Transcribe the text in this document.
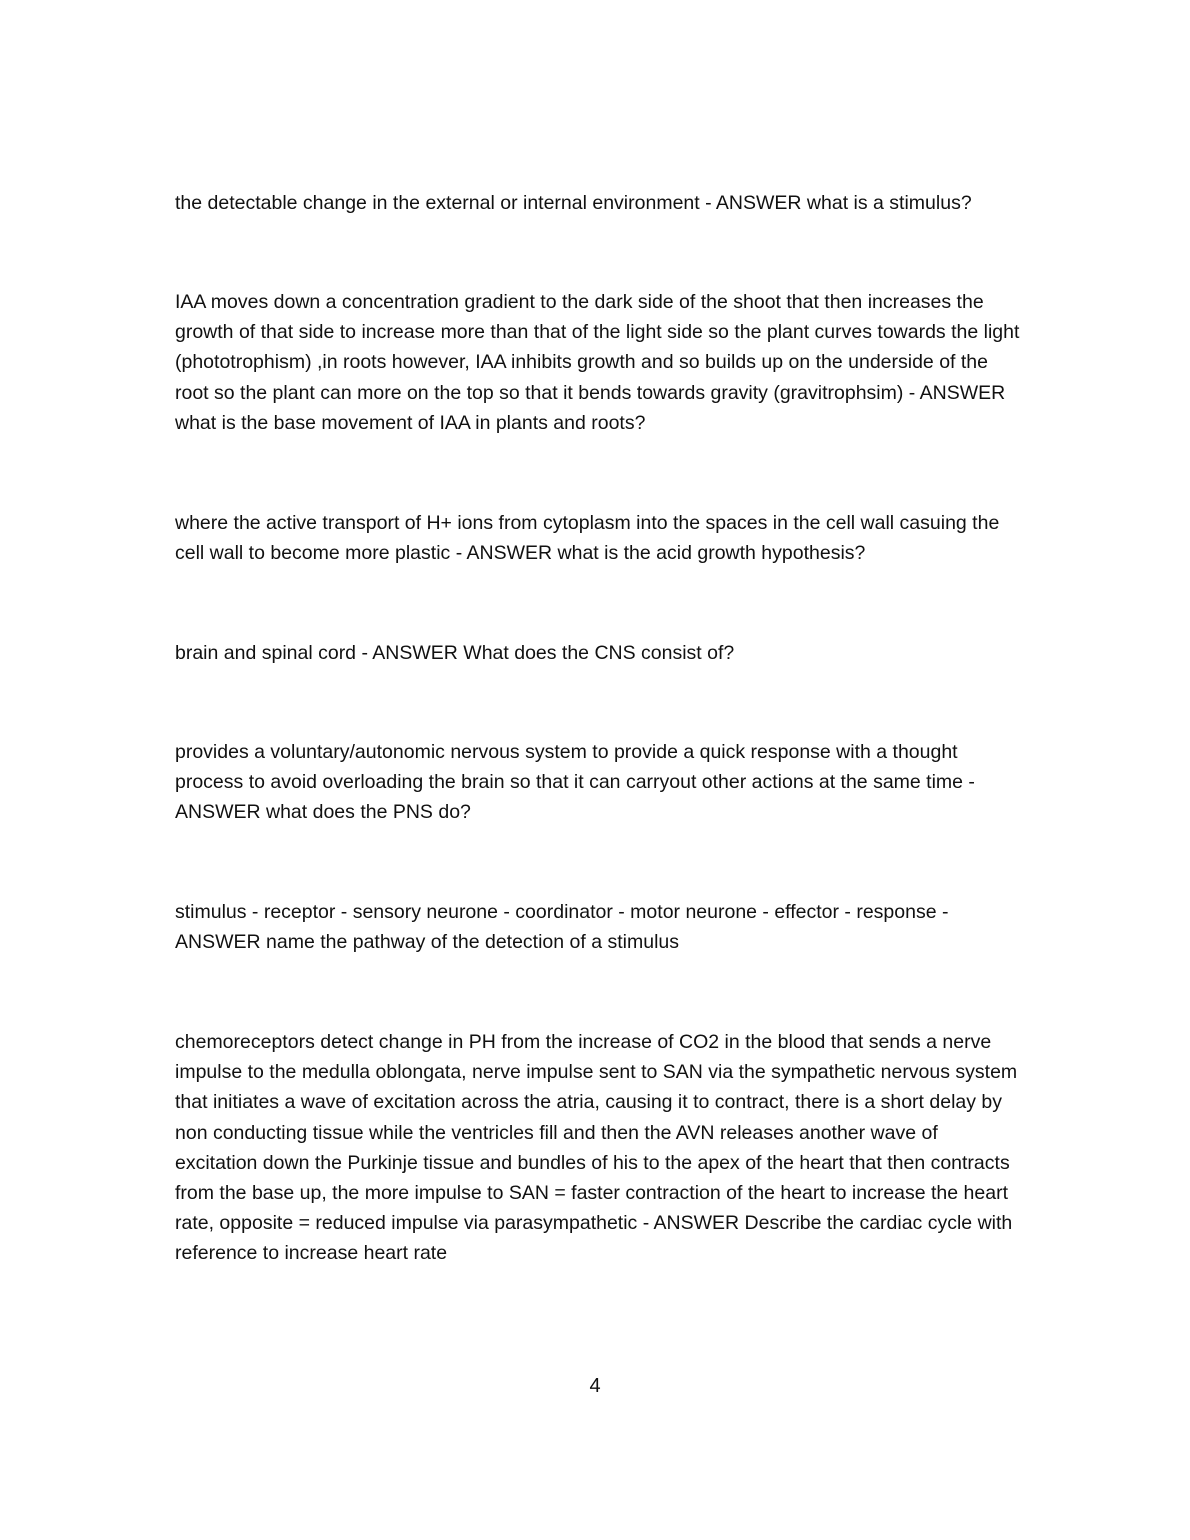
the detectable change in the external or internal environment - ANSWER what is a stimulus?

IAA moves down a concentration gradient to the dark side of the shoot that then increases the growth of that side to increase more than that of the light side so the plant curves towards the light (phototrophism) ,in roots however, IAA inhibits growth and so builds up on the underside of the root so the plant can more on the top so that it bends towards gravity (gravitrophsim) - ANSWER what is the base movement of IAA in plants and roots?

where the active transport of H+ ions from cytoplasm into the spaces in the cell wall casuing the cell wall to become more plastic - ANSWER what is the acid growth hypothesis?

brain and spinal cord - ANSWER What does the CNS consist of?

provides a voluntary/autonomic nervous system to provide a quick response with a thought process to avoid overloading the brain so that it can carryout other actions at the same time - ANSWER what does the PNS do?

stimulus - receptor - sensory neurone - coordinator - motor neurone - effector - response - ANSWER name the pathway of the detection of a stimulus

chemoreceptors detect change in PH from the increase of CO2 in the blood that sends a nerve impulse to the medulla oblongata, nerve impulse sent to SAN via the sympathetic nervous system that initiates a wave of excitation across the atria, causing it to contract, there is a short delay by non conducting tissue while the ventricles fill and then the AVN releases another wave of excitation down the Purkinje tissue and bundles of his to the apex of the heart that then contracts from the base up, the more impulse to SAN = faster contraction of the heart to increase the heart rate, opposite = reduced impulse via parasympathetic - ANSWER Describe the cardiac cycle with reference to increase heart rate

4
